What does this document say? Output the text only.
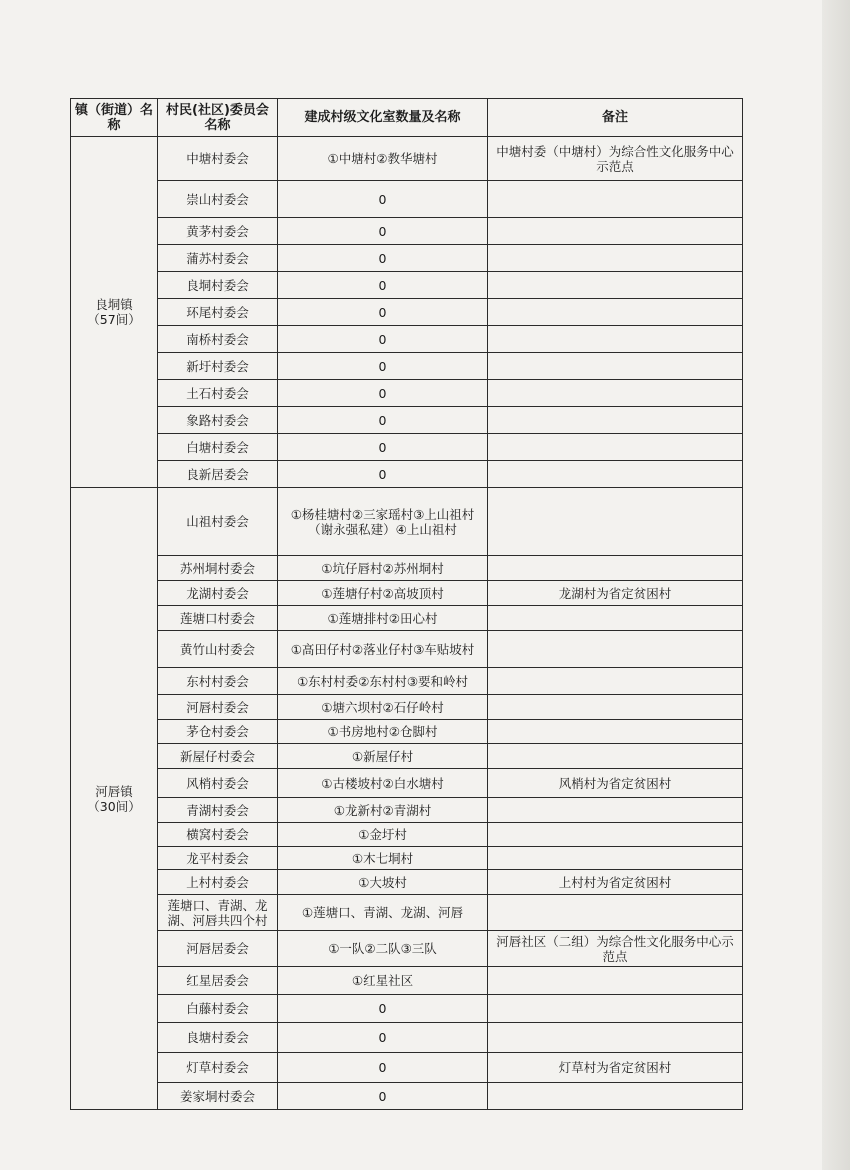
镇（街道）名称	村民(社区)委员会名称	建成村级文化室数量及名称	备注

良垌镇
（57间）	中塘村委会	①中塘村②教华塘村	中塘村委（中塘村）为综合性文化服务中心示范点
	崇山村委会	0	
	黄茅村委会	0	
	蒲苏村委会	0	
	良垌村委会	0	
	环尾村委会	0	
	南桥村委会	0	
	新圩村委会	0	
	土石村委会	0	
	象路村委会	0	
	白塘村委会	0	
	良新居委会	0	

河唇镇
（30间）	山祖村委会	①杨桂塘村②三家瑶村③上山祖村（谢永强私建）④上山祖村	
	苏州垌村委会	①坑仔唇村②苏州垌村	
	龙湖村委会	①莲塘仔村②高坡顶村	龙湖村为省定贫困村
	莲塘口村委会	①莲塘排村②田心村	
	黄竹山村委会	①高田仔村②落业仔村③车贴坡村	
	东村村委会	①东村村委②东村村③要和岭村	
	河唇村委会	①塘六坝村②石仔岭村	
	茅仓村委会	①书房地村②仓脚村	
	新屋仔村委会	①新屋仔村	
	风梢村委会	①古楼坡村②白水塘村	风梢村为省定贫困村
	青湖村委会	①龙新村②青湖村	
	横窝村委会	①金圩村	
	龙平村委会	①木七垌村	
	上村村委会	①大坡村	上村村为省定贫困村
	莲塘口、青湖、龙湖、河唇共四个村	①莲塘口、青湖、龙湖、河唇	
	河唇居委会	①一队②二队③三队	河唇社区（二组）为综合性文化服务中心示范点
	红星居委会	①红星社区	
	白藤村委会	0	
	良塘村委会	0	
	灯草村委会	0	灯草村为省定贫困村
	姜家垌村委会	0	
